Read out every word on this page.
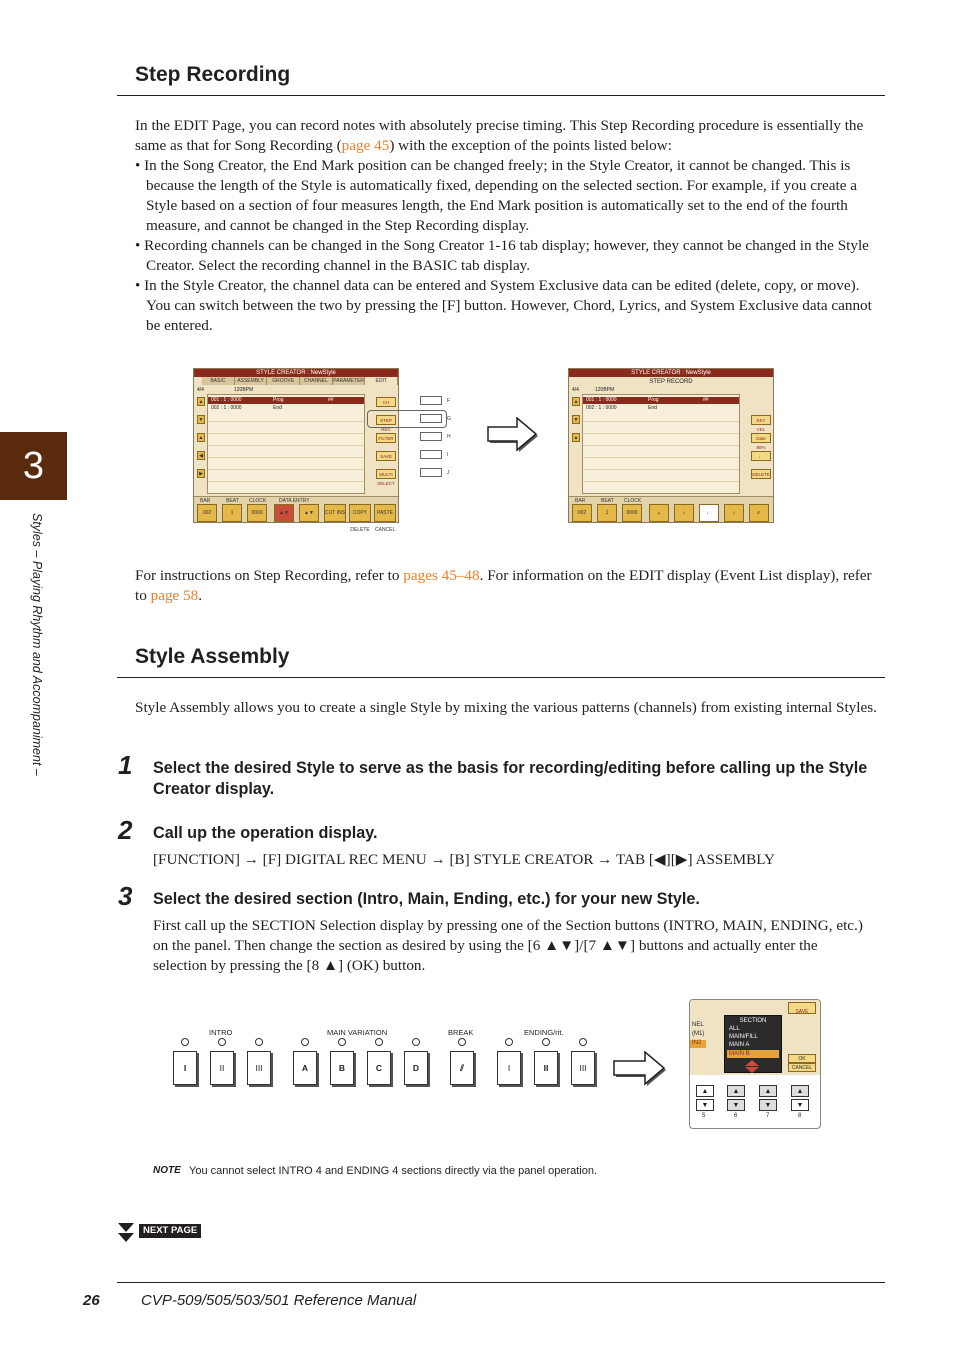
Step Recording

In the EDIT Page, you can record notes with absolutely precise timing. This Step Recording procedure is essentially the same as that for Song Recording (page 45) with the exception of the points listed below:

• In the Song Creator, the End Mark position can be changed freely; in the Style Creator, it cannot be changed. This is because the length of the Style is automatically fixed, depending on the selected section. For example, if you create a Style based on a section of four measures length, the End Mark position is automatically set to the end of the fourth measure, and cannot be changed in the Step Recording display.

• Recording channels can be changed in the Song Creator 1-16 tab display; however, they cannot be changed in the Style Creator. Select the recording channel in the BASIC tab display.

• In the Style Creator, the channel data can be entered and System Exclusive data can be edited (delete, copy, or move). You can switch between the two by pressing the [F] button. However, Chord, Lyrics, and System Exclusive data cannot be entered.

STYLE CREATOR : NewStyle
BASIC	ASSEMBLY	GROOVE	CHANNEL	PARAMETER	EDIT
4/4	120BPM
▲
▼
▲
◀
▶
001 : 1 : 0000	Prog	##
002 : 1 : 0000	End
CH
STEP REC
FILTER
SAVE
MULTI SELECT
BAR	BEAT CLOCK	DATA ENTRY
002	1	0000	▲▼	▲▼	CUT INS	COPY DELETE
PASTE CANCEL
F
G
H
I
J
STYLE CREATOR : NewStyle
STEP RECORD
4/4	120BPM
▲
▼
▲
001 : 1 : 0000	Prog	##
002 : 1 : 0000	End
KEY VEL
Gate 80%
♩
DELETE
BAR	BEAT CLOCK
002	1	0000	𝅝	𝅗𝅥	♩	♪	♬

For instructions on Step Recording, refer to pages 45–48. For information on the EDIT display (Event List display), refer to page 58.

Style Assembly
Style Assembly allows you to create a single Style by mixing the various patterns (channels) from existing internal Styles.
1 Select the desired Style to serve as the basis for recording/editing before calling up the Style Creator display.
2 Call up the operation display.
[FUNCTION] → [F] DIGITAL REC MENU → [B] STYLE CREATOR → TAB [◀][▶] ASSEMBLY
3 Select the desired section (Intro, Main, Ending, etc.) for your new Style.
First call up the SECTION Selection display by pressing one of the Section buttons (INTRO, MAIN, ENDING, etc.) on the panel. Then change the section as desired by using the [6 ▲▼]/[7 ▲▼] buttons and actually enter the selection by pressing the [8 ▲] (OK) button.
INTRO	MAIN VARIATION	BREAK	ENDING/rit.
I	II	III	A	B	C	D	⫽	I	II	III
NEL
(M1)
IN2
SAVE
SECTION
ALL
MAIN/FILL
MAIN A
MAIN B
OK
CANCEL
▲
▼
▲
▼
▲
▼
▲
▼
5	6	7	8
NOTE You cannot select INTRO 4 and ENDING 4 sections directly via the panel operation.
NEXT PAGE
3
Styles – Playing Rhythm and Accompaniment –
26	CVP-509/505/503/501 Reference Manual
